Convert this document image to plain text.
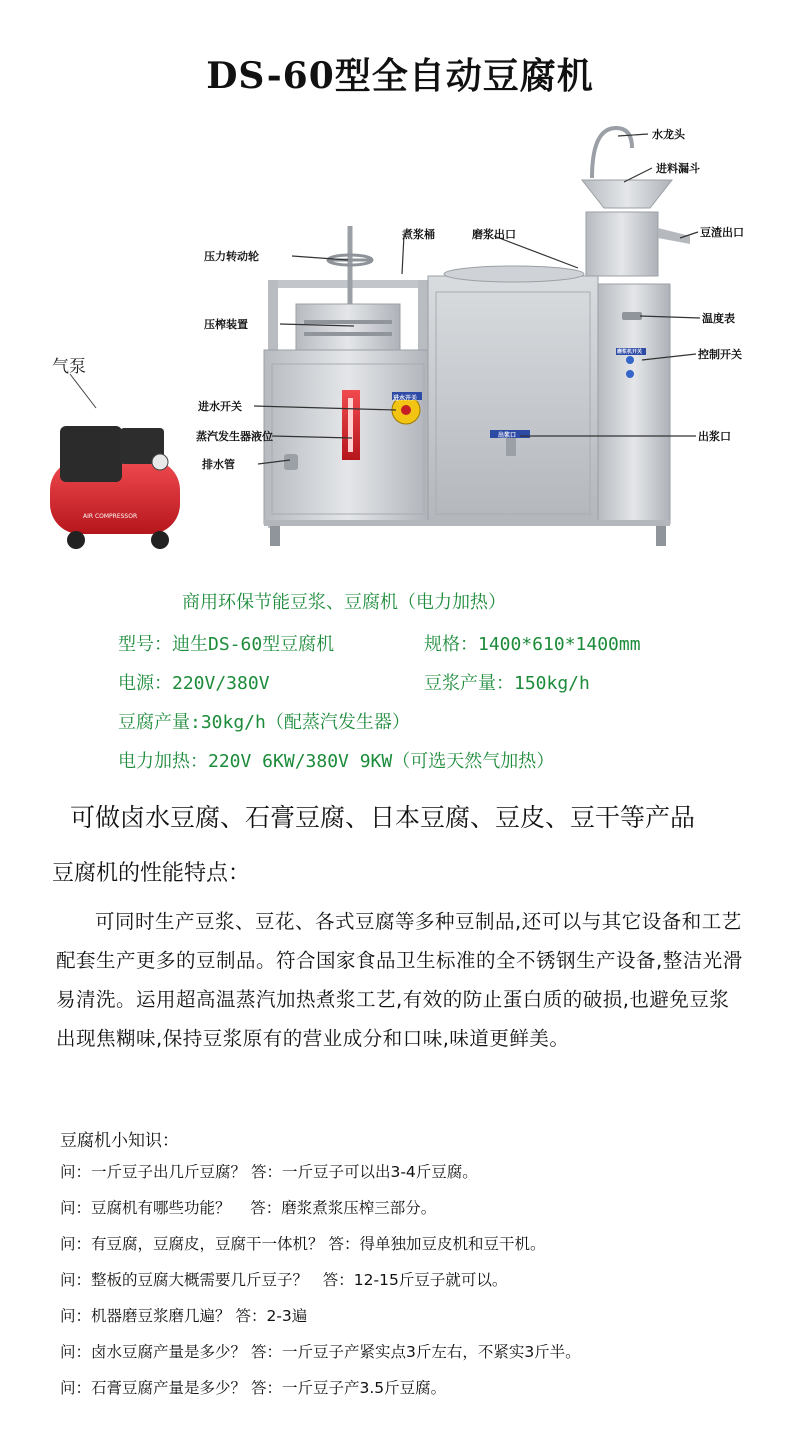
DS-60型全自动豆腐机
AIR COMPRESSOR
气泵
水龙头
进料漏斗
压力转动轮
煮浆桶	磨浆出口	豆渣出口
压榨装置	温度表
控制开关
进水开关
蒸汽发生器液位	出浆口
排水管
进水开关
磨浆机开关
出浆口
商用环保节能豆浆、豆腐机（电力加热）
型号：迪生DS-60型豆腐机	规格：1400*610*1400mm
电源：220V/380V	豆浆产量：150kg/h
豆腐产量:30kg/h（配蒸汽发生器）
电力加热：220V 6KW/380V 9KW（可选天然气加热）
可做卤水豆腐、石膏豆腐、日本豆腐、豆皮、豆干等产品
豆腐机的性能特点：
可同时生产豆浆、豆花、各式豆腐等多种豆制品,还可以与其它设备和工艺配套生产更多的豆制品。符合国家食品卫生标准的全不锈钢生产设备,整洁光滑易清洗。运用超高温蒸汽加热煮浆工艺,有效的防止蛋白质的破损,也避免豆浆出现焦糊味,保持豆浆原有的营业成分和口味,味道更鲜美。
豆腐机小知识：
问：一斤豆子出几斤豆腐？ 答：一斤豆子可以出3-4斤豆腐。
问：豆腐机有哪些功能？ 答：磨浆煮浆压榨三部分。
问：有豆腐，豆腐皮，豆腐干一体机？ 答：得单独加豆皮机和豆干机。
问：整板的豆腐大概需要几斤豆子？ 答：12-15斤豆子就可以。
问：机器磨豆浆磨几遍？ 答：2-3遍
问：卤水豆腐产量是多少？ 答：一斤豆子产紧实点3斤左右，不紧实3斤半。
问：石膏豆腐产量是多少？ 答：一斤豆子产3.5斤豆腐。
